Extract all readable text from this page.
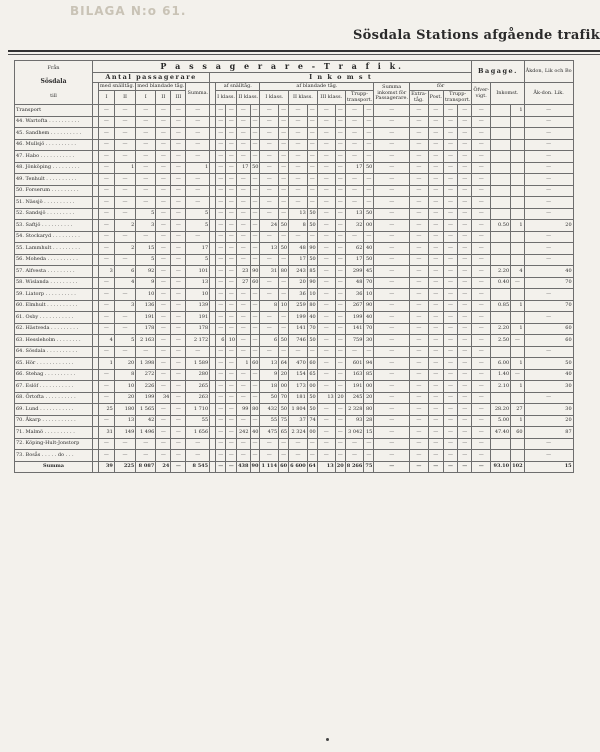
BILAGA N:o 61.
Sösdala Stations afgående trafik
Från
Sösdala
till	P a s s a g e r a r e - T r a f i k.																									Bagage.			Åkdon, Lik och Bo
	Antal passagerare							I n k o m s t																					
		med snälltåg.		med blandade tåg.			Summa.		af snälltåg.				af blandade tåg.								Summa inkomst för Passagerare.	för				Öfver-vigt.	Inkomst.		Åk-don. Lik.
		I	II	I	II	III			I klass.		II klass.		I klass.		II klass.		III klass.		Trupp-transport.			Extra-tåg.	Post.	Trupp-transport.					
Transport		—	—	—	—	—	—		—	—	—	—	—	—	—	—	—	—	—	—	—	—	—	—	—	—		1	—
44. Wartofta . . . . . . . . . .		—	—	—	—	—	—		—	—	—	—	—	—	—	—	—	—	—	—	—	—	—	—	—	—			—
45. Sandhem . . . . . . . . . .		—	—	—	—	—	—		—	—	—	—	—	—	—	—	—	—	—	—	—	—	—	—	—	—			—
46. Mullsjö . . . . . . . . . .		—	—	—	—	—	—		—	—	—	—	—	—	—	—	—	—	—	—	—	—	—	—	—	—			—
47. Habo . . . . . . . . . . .		—	—	—	—	—	—		—	—	—	—	—	—	—	—	—	—	—	—	—	—	—	—	—	—			—
48. Jönköping . . . . . . . . .		—	1	—	—	—	1		—	—	17	50	—	—	—	—	—	—	17	50	—	—	—	—	—	—			—
49. Tenhult . . . . . . . . . .		—	—	—	—	—	—		—	—	—	—	—	—	—	—	—	—	—	—	—	—	—	—	—	—			—
50. Forserum . . . . . . . . .		—	—	—	—	—	—		—	—	—	—	—	—	—	—	—	—	—	—	—	—	—	—	—	—			—
51. Nässjö . . . . . . . . . .		—	—	—	—	—	—		—	—	—	—	—	—	—	—	—	—	—	—	—	—	—	—	—	—			—
52. Sandsjö . . . . . . . . .		—	—	5	—	—	5		—	—	—	—	—	—	13	50	—	—	13	50	—	—	—	—	—	—			—
53. Saftjö . . . . . . . . . .		—	2	3	—	—	5		—	—	—	—	24	50	8	50	—	—	32	00	—	—	—	—	—	—	0.50	1	20
54. Stockaryd . . . . . . . . .		—	—	—	—	—	—		—	—	—	—	—	—	—	—	—	—	—	—	—	—	—	—	—	—			—
55. Lammhult . . . . . . . . .		—	2	15	—	—	17		—	—	—	—	13	50	48	90	—	—	62	40	—	—	—	—	—	—			—
56. Moheda . . . . . . . . . .		—	—	5	—	—	5		—	—	—	—	—	—	17	50	—	—	17	50	—	—	—	—	—	—			—
57. Alfvesta . . . . . . . . .		3	6	92	—	—	101		—	—	23	90	31	80	243	85	—	—	299	45	—	—	—	—	—	—	2.20	4	40
58. Wislanda . . . . . . . . .		—	4	9	—	—	13		—	—	27	60	—	—	20	90	—	—	48	70	—	—	—	—	—	—	0.40	—	70
59. Liatorp . . . . . . . . . .		—	—	10	—	—	10		—	—	—	—	—	—	36	10	—	—	36	10	—	—	—	—	—	—			—
60. Elmhult . . . . . . . . . .		—	3	136	—	—	139		—	—	—	—	8	10	259	80	—	—	267	90	—	—	—	—	—	—	0.85	1	70
61. Osby . . . . . . . . . . .		—	—	191	—	—	191		—	—	—	—	—	—	199	40	—	—	199	40	—	—	—	—	—	—			—
62. Hästveda . . . . . . . . .		—	—	178	—	—	178		—	—	—	—	—	—	141	70	—	—	141	70	—	—	—	—	—	—	2.20	1	60
63. Hessleholm . . . . . . . .		4	5	2 163	—	—	2 172		6	10	—	—	6	50	746	50	—	—	759	30	—	—	—	—	—	—	2.50	—	60
64. Sösdala . . . . . . . . . .		—	—	—	—	—	—		—	—	—	—	—	—	—	—	—	—	—	—	—	—	—	—	—	—			—
65. Hör . . . . . . . . . . . .		1	20	1 398	—	—	1 589		—	—	1	60	13	64	470	60	—	—	601	94	—	—	—	—	—	—	6.00	1	50
66. Stehag . . . . . . . . . .		—	8	272	—	—	280		—	—	—	—	9	20	154	65	—	—	163	85	—	—	—	—	—	—	1.40	—	40
67. Eslöf . . . . . . . . . . .		—	10	226	—	—	265		—	—	—	—	18	00	173	00	—	—	191	00	—	—	—	—	—	—	2.10	1	30
68. Örtofta . . . . . . . . . .		—	20	199	34	—	263		—	—	—	—	50	70	181	50	13	20	245	20	—	—	—	—	—	—			—
69. Lund . . . . . . . . . . .		25	180	1 565	—	—	1 710		—	—	99	80	432	50	1 804	50	—	—	2 328	80	—	—	—	—	—	—	28.20	27	30
70. Åkarp . . . . . . . . . . .		—	13	42	—	—	55		—	—	—	—	55	75	37	74	—	—	93	28	—	—	—	—	—	—	5.00	1	20
71. Malmö . . . . . . . . . .		31	149	1 496	—	—	1 656		—	—	242	40	475	65	2 324	00	—	—	3 042	15	—	—	—	—	—	—	47.40	60	87
72. Köping-Hult-Jonstorp		—	—	—	—	—	—		—	—	—	—	—	—	—	—	—	—	—	—	—	—	—	—	—	—			—
73. Bosås . . . . . do . . .		—	—	—	—	—	—		—	—	—	—	—	—	—	—	—	—	—	—	—	—	—	—	—	—			—
Summa		39	225	8 087	24	—	8 545		—	—	438	90	1 114	60	6 600	64	13	20	8 266	75	—	—	—	—	—	—	93.10	102	15
